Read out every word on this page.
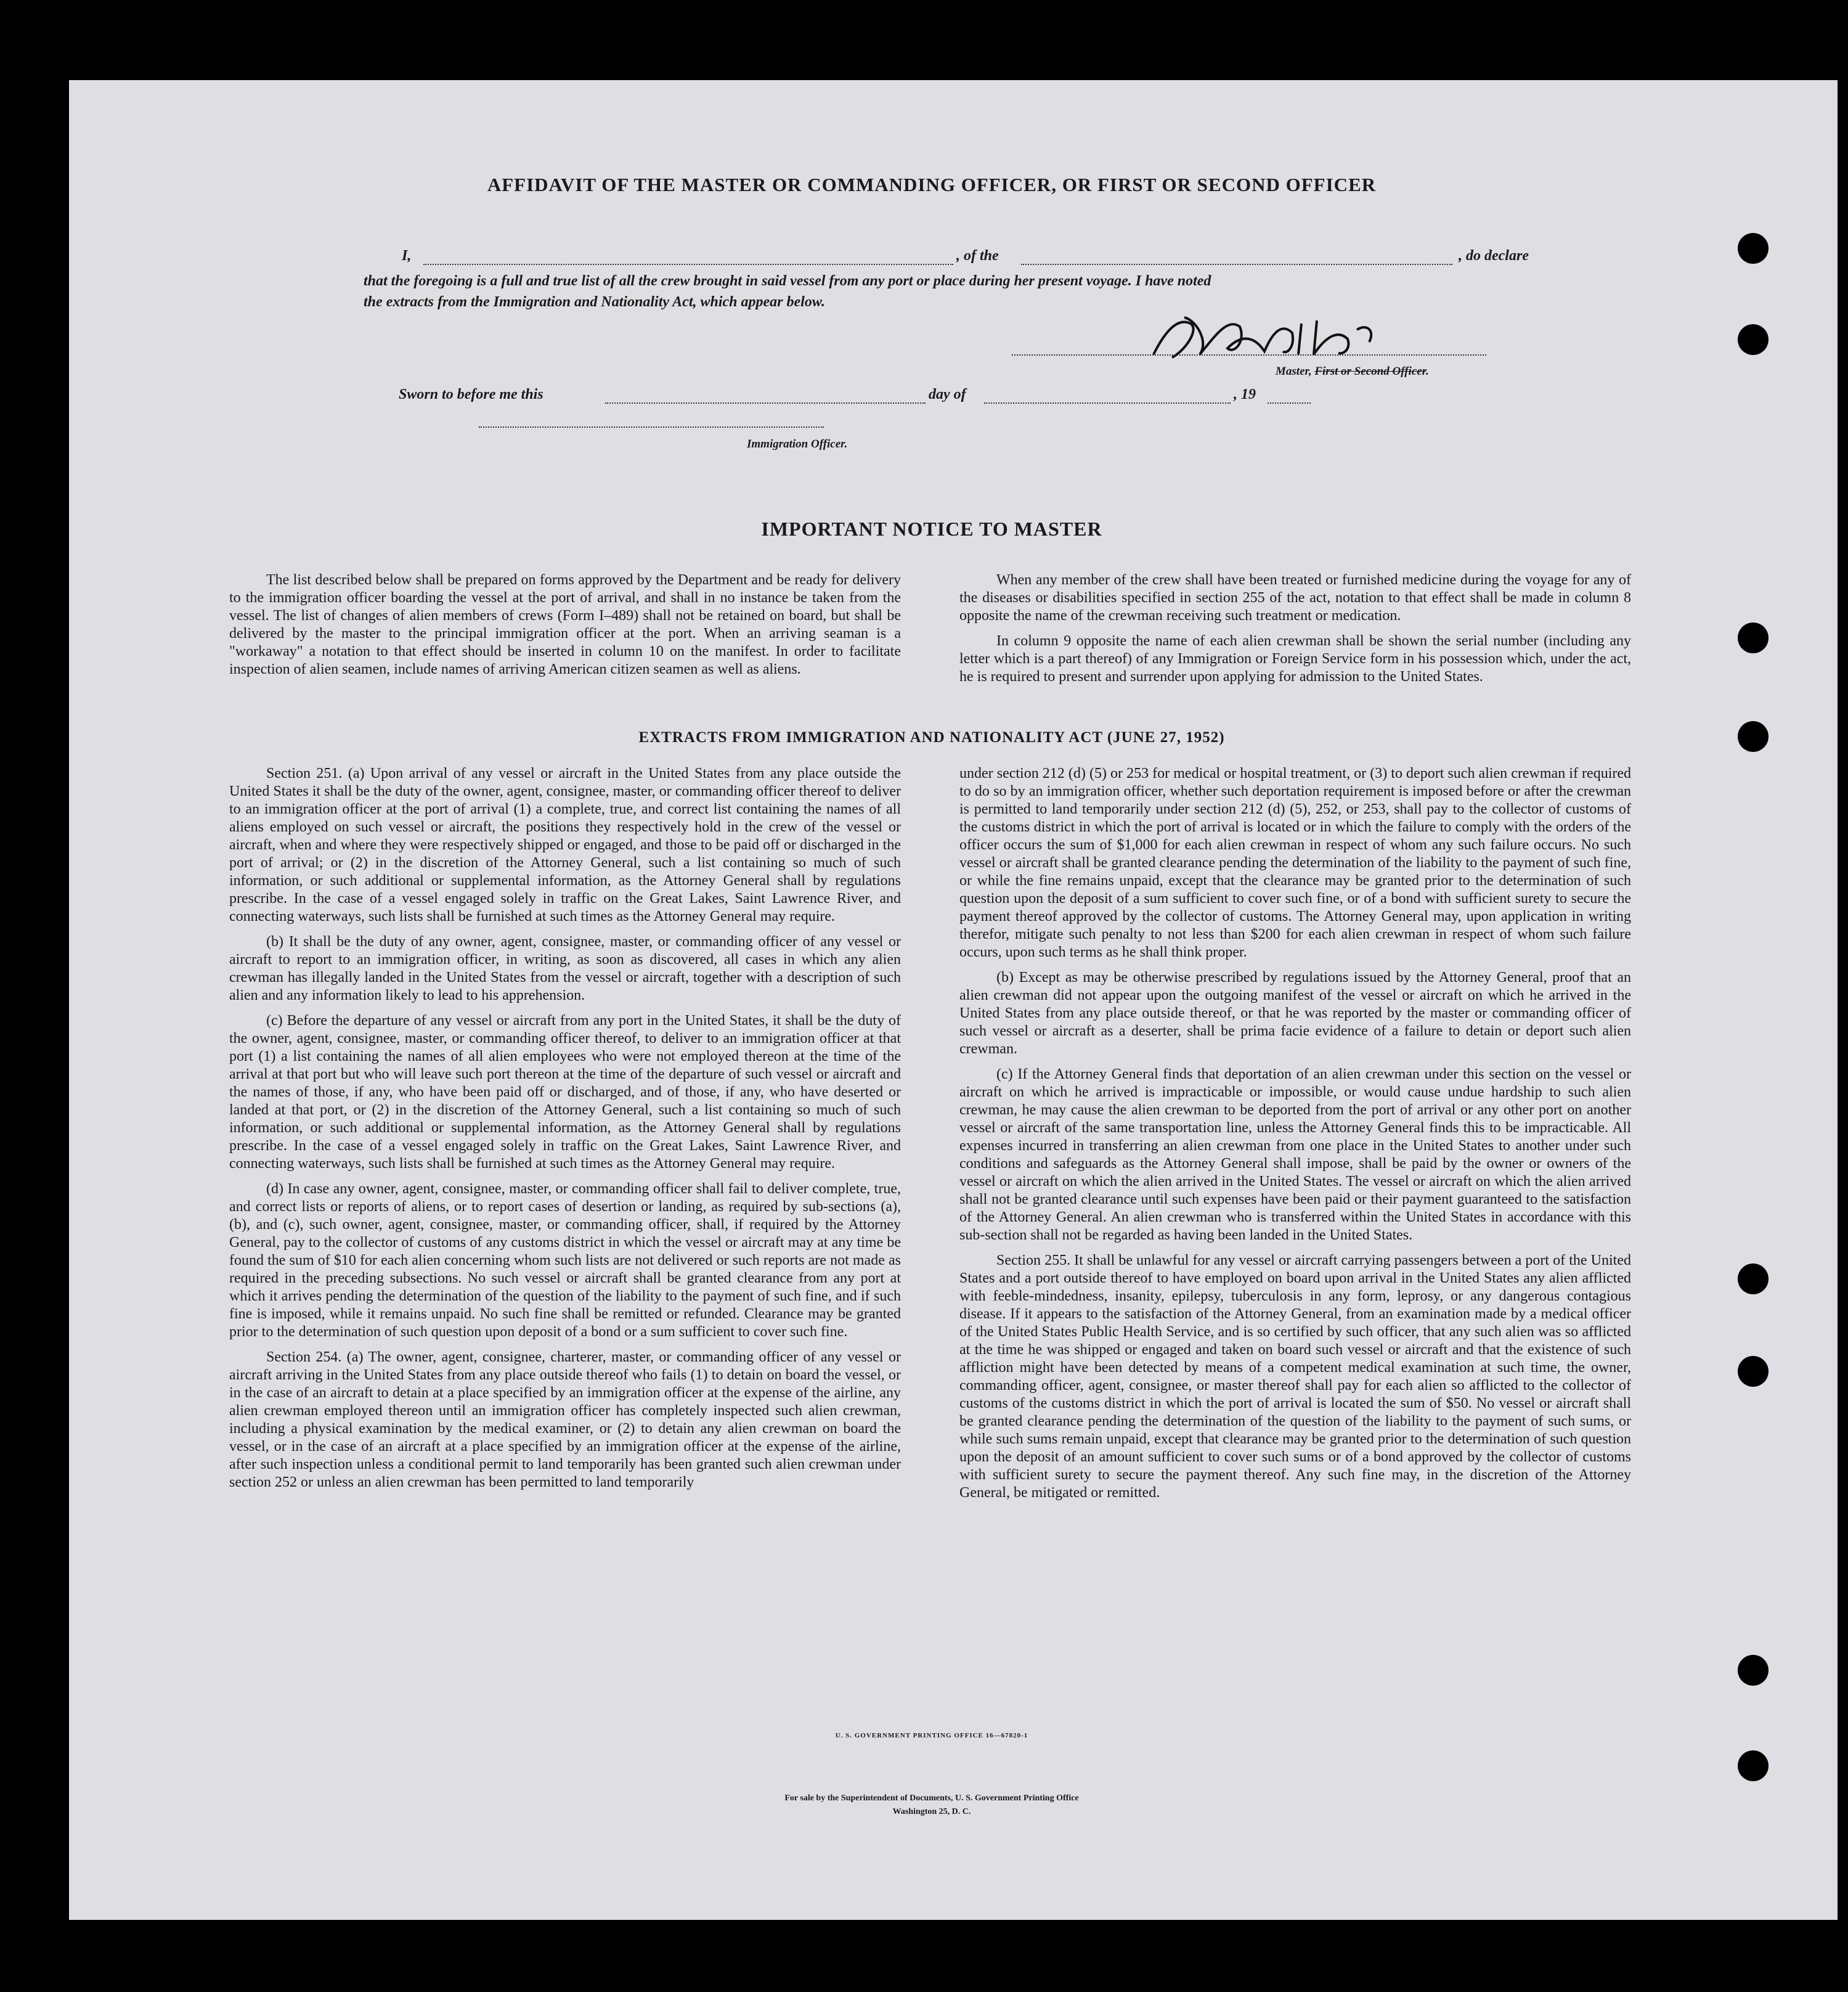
AFFIDAVIT OF THE MASTER OR COMMANDING OFFICER, OR FIRST OR SECOND OFFICER
I,	, of the	, do declare
that the foregoing is a full and true list of all the crew brought in said vessel from any port or place during her present voyage. I have noted
the extracts from the Immigration and Nationality Act, which appear below.
Master, First or Second Officer.
Sworn to before me this	day of	, 19
Immigration Officer.
IMPORTANT NOTICE TO MASTER

The list described below shall be prepared on forms approved by the Department and be ready for delivery to the immigration officer boarding the vessel at the port of arrival, and shall in no instance be taken from the vessel. The list of changes of alien members of crews (Form I–489) shall not be retained on board, but shall be delivered by the master to the principal immigration officer at the port. When an arriving seaman is a "workaway" a notation to that effect should be inserted in column 10 on the manifest. In order to facilitate inspection of alien seamen, include names of arriving American citizen seamen as well as aliens.

When any member of the crew shall have been treated or furnished medicine during the voyage for any of the diseases or disabilities specified in section 255 of the act, notation to that effect shall be made in column 8 opposite the name of the crewman receiving such treatment or medication.

In column 9 opposite the name of each alien crewman shall be shown the serial number (including any letter which is a part thereof) of any Immigration or Foreign Service form in his possession which, under the act, he is required to present and surrender upon applying for admission to the United States.

EXTRACTS FROM IMMIGRATION AND NATIONALITY ACT (JUNE 27, 1952)

Section 251. (a) Upon arrival of any vessel or aircraft in the United States from any place outside the United States it shall be the duty of the owner, agent, consignee, master, or commanding officer thereof to deliver to an immigration officer at the port of arrival (1) a complete, true, and correct list containing the names of all aliens employed on such vessel or aircraft, the positions they respectively hold in the crew of the vessel or aircraft, when and where they were respectively shipped or engaged, and those to be paid off or discharged in the port of arrival; or (2) in the discretion of the Attorney General, such a list containing so much of such information, or such additional or supplemental information, as the Attorney General shall by regulations prescribe. In the case of a vessel engaged solely in traffic on the Great Lakes, Saint Lawrence River, and connecting waterways, such lists shall be furnished at such times as the Attorney General may require.

(b) It shall be the duty of any owner, agent, consignee, master, or commanding officer of any vessel or aircraft to report to an immigration officer, in writing, as soon as discovered, all cases in which any alien crewman has illegally landed in the United States from the vessel or aircraft, together with a description of such alien and any information likely to lead to his apprehension.

(c) Before the departure of any vessel or aircraft from any port in the United States, it shall be the duty of the owner, agent, consignee, master, or commanding officer thereof, to deliver to an immigration officer at that port (1) a list containing the names of all alien employees who were not employed thereon at the time of the arrival at that port but who will leave such port thereon at the time of the departure of such vessel or aircraft and the names of those, if any, who have been paid off or discharged, and of those, if any, who have deserted or landed at that port, or (2) in the discretion of the Attorney General, such a list containing so much of such information, or such additional or supplemental information, as the Attorney General shall by regulations prescribe. In the case of a vessel engaged solely in traffic on the Great Lakes, Saint Lawrence River, and connecting waterways, such lists shall be furnished at such times as the Attorney General may require.

(d) In case any owner, agent, consignee, master, or commanding officer shall fail to deliver complete, true, and correct lists or reports of aliens, or to report cases of desertion or landing, as required by sub-sections (a), (b), and (c), such owner, agent, consignee, master, or commanding officer, shall, if required by the Attorney General, pay to the collector of customs of any customs district in which the vessel or aircraft may at any time be found the sum of $10 for each alien concerning whom such lists are not delivered or such reports are not made as required in the preceding subsections. No such vessel or aircraft shall be granted clearance from any port at which it arrives pending the determination of the question of the liability to the payment of such fine, and if such fine is imposed, while it remains unpaid. No such fine shall be remitted or refunded. Clearance may be granted prior to the determination of such question upon deposit of a bond or a sum sufficient to cover such fine.

Section 254. (a) The owner, agent, consignee, charterer, master, or commanding officer of any vessel or aircraft arriving in the United States from any place outside thereof who fails (1) to detain on board the vessel, or in the case of an aircraft to detain at a place specified by an immigration officer at the expense of the airline, any alien crewman employed thereon until an immigration officer has completely inspected such alien crewman, including a physical examination by the medical examiner, or (2) to detain any alien crewman on board the vessel, or in the case of an aircraft at a place specified by an immigration officer at the expense of the airline, after such inspection unless a conditional permit to land temporarily has been granted such alien crewman under section 252 or unless an alien crewman has been permitted to land temporarily

under section 212 (d) (5) or 253 for medical or hospital treatment, or (3) to deport such alien crewman if required to do so by an immigration officer, whether such deportation requirement is imposed before or after the crewman is permitted to land temporarily under section 212 (d) (5), 252, or 253, shall pay to the collector of customs of the customs district in which the port of arrival is located or in which the failure to comply with the orders of the officer occurs the sum of $1,000 for each alien crewman in respect of whom any such failure occurs. No such vessel or aircraft shall be granted clearance pending the determination of the liability to the payment of such fine, or while the fine remains unpaid, except that the clearance may be granted prior to the determination of such question upon the deposit of a sum sufficient to cover such fine, or of a bond with sufficient surety to secure the payment thereof approved by the collector of customs. The Attorney General may, upon application in writing therefor, mitigate such penalty to not less than $200 for each alien crewman in respect of whom such failure occurs, upon such terms as he shall think proper.

(b) Except as may be otherwise prescribed by regulations issued by the Attorney General, proof that an alien crewman did not appear upon the outgoing manifest of the vessel or aircraft on which he arrived in the United States from any place outside thereof, or that he was reported by the master or commanding officer of such vessel or aircraft as a deserter, shall be prima facie evidence of a failure to detain or deport such alien crewman.

(c) If the Attorney General finds that deportation of an alien crewman under this section on the vessel or aircraft on which he arrived is impracticable or impossible, or would cause undue hardship to such alien crewman, he may cause the alien crewman to be deported from the port of arrival or any other port on another vessel or aircraft of the same transportation line, unless the Attorney General finds this to be impracticable. All expenses incurred in transferring an alien crewman from one place in the United States to another under such conditions and safeguards as the Attorney General shall impose, shall be paid by the owner or owners of the vessel or aircraft on which the alien arrived in the United States. The vessel or aircraft on which the alien arrived shall not be granted clearance until such expenses have been paid or their payment guaranteed to the satisfaction of the Attorney General. An alien crewman who is transferred within the United States in accordance with this sub-section shall not be regarded as having been landed in the United States.

Section 255. It shall be unlawful for any vessel or aircraft carrying passengers between a port of the United States and a port outside thereof to have employed on board upon arrival in the United States any alien afflicted with feeble-mindedness, insanity, epilepsy, tuberculosis in any form, leprosy, or any dangerous contagious disease. If it appears to the satisfaction of the Attorney General, from an examination made by a medical officer of the United States Public Health Service, and is so certified by such officer, that any such alien was so afflicted at the time he was shipped or engaged and taken on board such vessel or aircraft and that the existence of such affliction might have been detected by means of a competent medical examination at such time, the owner, commanding officer, agent, consignee, or master thereof shall pay for each alien so afflicted to the collector of customs of the customs district in which the port of arrival is located the sum of $50. No vessel or aircraft shall be granted clearance pending the determination of the question of the liability to the payment of such sums, or while such sums remain unpaid, except that clearance may be granted prior to the determination of such question upon the deposit of an amount sufficient to cover such sums or of a bond approved by the collector of customs with sufficient surety to secure the payment thereof. Any such fine may, in the discretion of the Attorney General, be mitigated or remitted.

U. S. GOVERNMENT PRINTING OFFICE 16—67820-1
For sale by the Superintendent of Documents, U. S. Government Printing Office
Washington 25, D. C.
